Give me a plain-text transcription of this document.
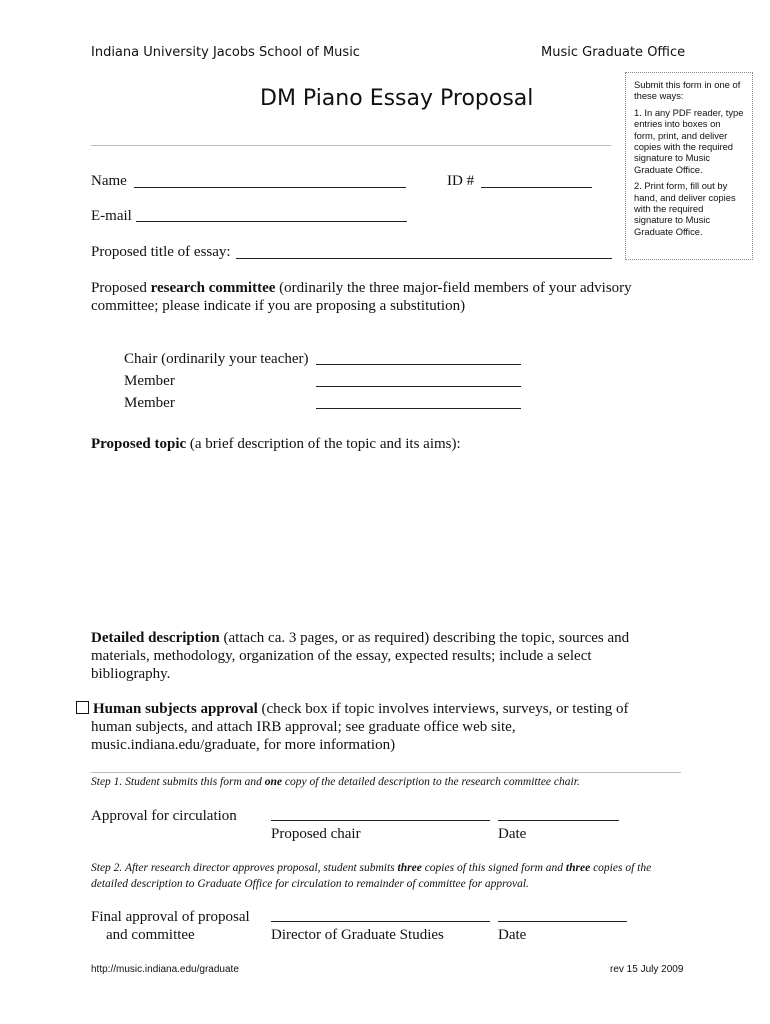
Indiana University Jacobs School of Music	Music Graduate Office
DM Piano Essay Proposal

Submit this form in one of these ways:

1. In any PDF reader, type entries into boxes on form, print, and deliver copies with the required signature to Music Graduate Office.

2. Print form, fill out by hand, and deliver copies with the required signature to Music Graduate Office.

Name	ID #
E-mail
Proposed title of essay:
Proposed research committee (ordinarily the three major-field members of your advisory committee; please indicate if you are proposing a substitution)
Chair (ordinarily your teacher)
Member
Member
Proposed topic (a brief description of the topic and its aims):
Detailed description (attach ca. 3 pages, or as required) describing the topic, sources and materials, methodology, organization of the essay, expected results; include a select bibliography.
Human subjects approval (check box if topic involves interviews, surveys, or testing of human subjects, and attach IRB approval; see graduate office web site, music.indiana.edu/graduate, for more information)
Step 1. Student submits this form and one copy of the detailed description to the research committee chair.
Approval for circulation
Proposed chair	Date
Step 2. After research director approves proposal, student submits three copies of this signed form and three copies of the detailed description to Graduate Office for circulation to remainder of committee for approval.
Final approval of proposal
and committee	Director of Graduate Studies	Date
http://music.indiana.edu/graduate	rev 15 July 2009
